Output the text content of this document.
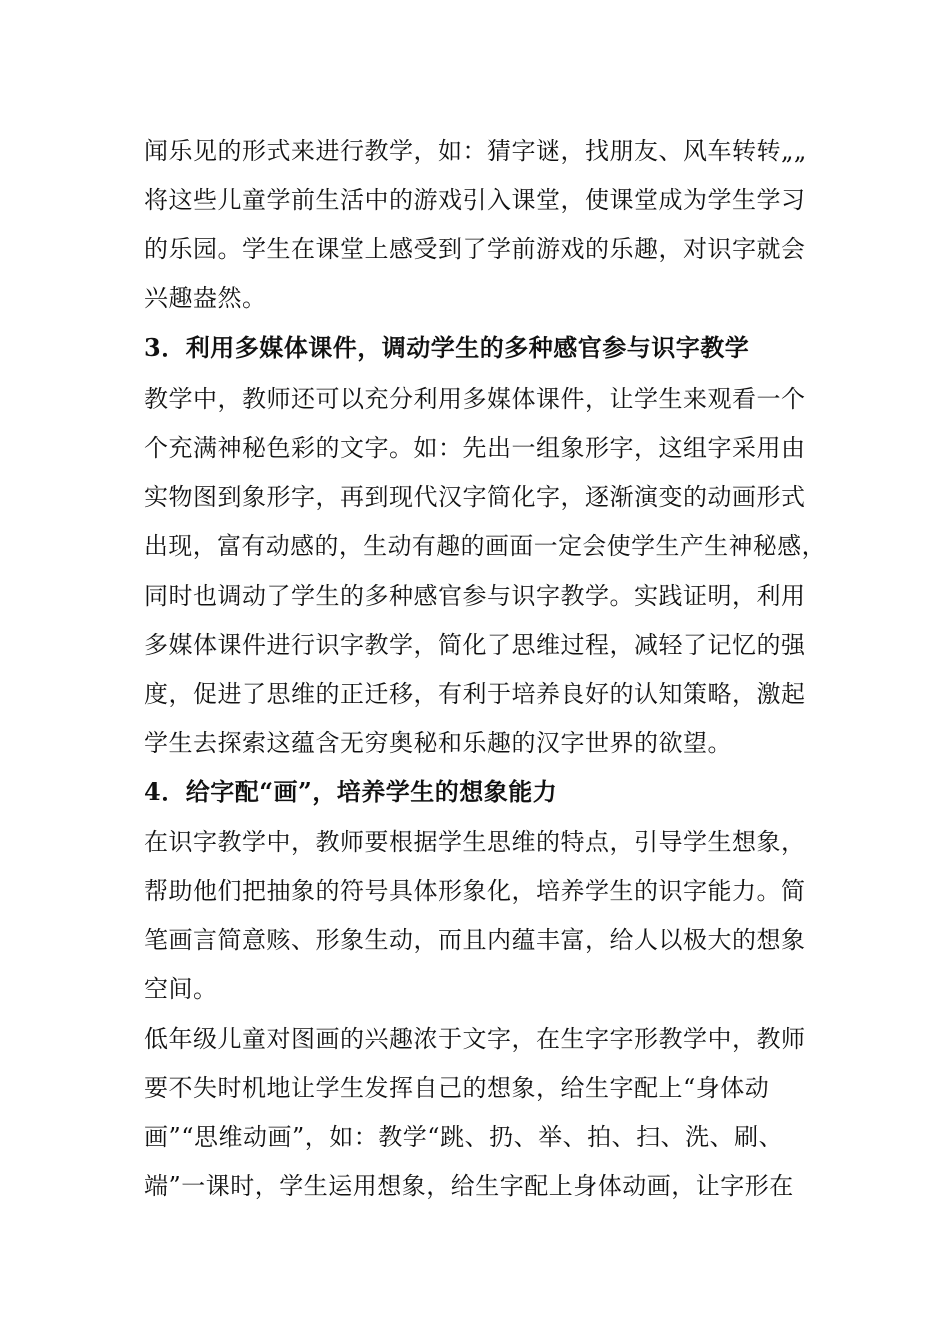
闻乐见的形式来进行教学，如：猜字谜，找朋友、风车转转„„
将这些儿童学前生活中的游戏引入课堂，使课堂成为学生学习
的乐园。学生在课堂上感受到了学前游戏的乐趣，对识字就会
兴趣盎然。
3．利用多媒体课件，调动学生的多种感官参与识字教学
教学中，教师还可以充分利用多媒体课件，让学生来观看一个
个充满神秘色彩的文字。如：先出一组象形字，这组字采用由
实物图到象形字，再到现代汉字简化字，逐渐演变的动画形式
出现，富有动感的，生动有趣的画面一定会使学生产生神秘感，
同时也调动了学生的多种感官参与识字教学。实践证明，利用
多媒体课件进行识字教学，简化了思维过程，减轻了记忆的强
度，促进了思维的正迁移，有利于培养良好的认知策略，激起
学生去探索这蕴含无穷奥秘和乐趣的汉字世界的欲望。
4．给字配“画”，培养学生的想象能力
在识字教学中，教师要根据学生思维的特点，引导学生想象，
帮助他们把抽象的符号具体形象化，培养学生的识字能力。简
笔画言简意赅、形象生动，而且内蕴丰富，给人以极大的想象
空间。
低年级儿童对图画的兴趣浓于文字，在生字字形教学中，教师
要不失时机地让学生发挥自己的想象，给生字配上“身体动
画”“思维动画”，如：教学“跳、扔、举、拍、扫、洗、刷、
端”一课时，学生运用想象，给生字配上身体动画，让字形在
